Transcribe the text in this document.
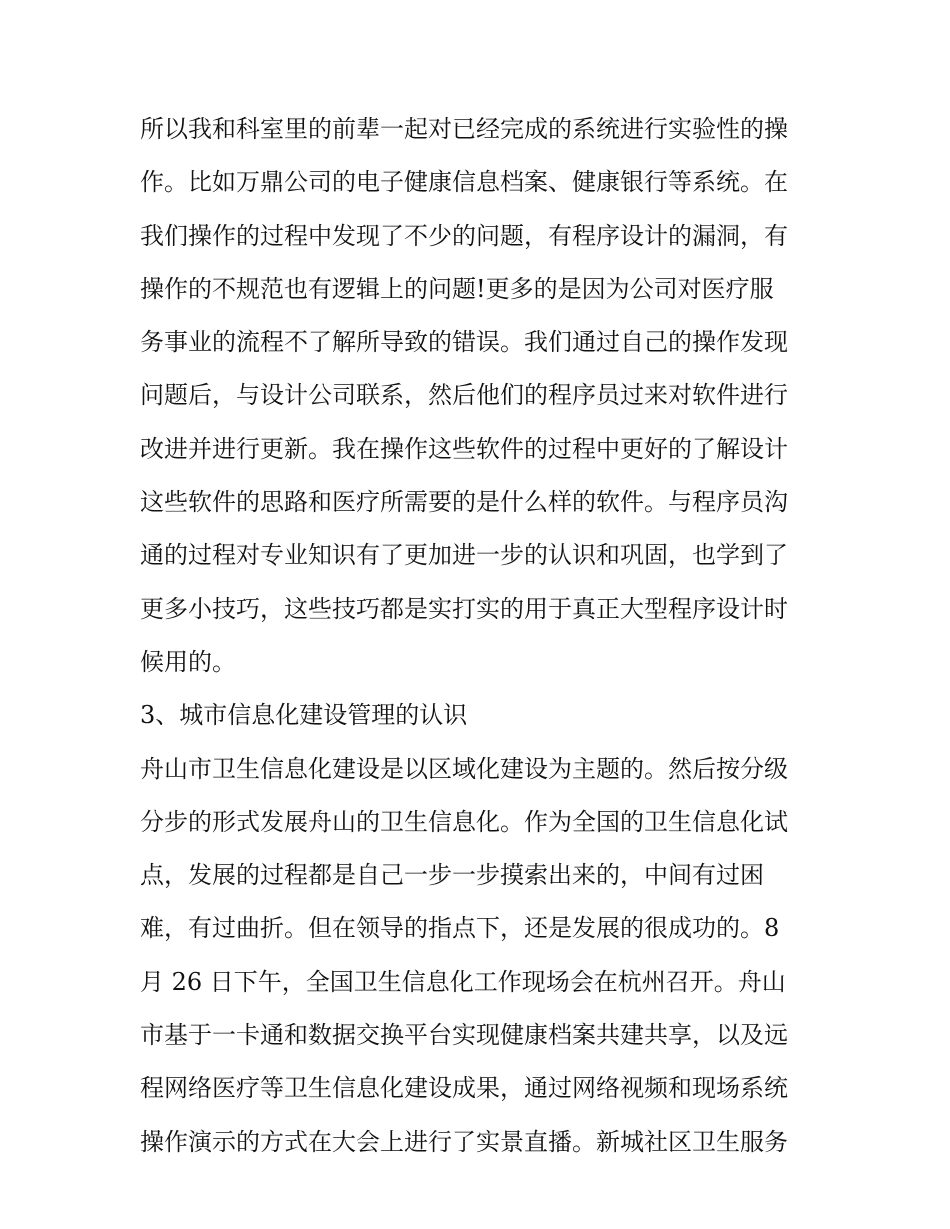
所以我和科室里的前辈一起对已经完成的系统进行实验性的操
作。比如万鼎公司的电子健康信息档案、健康银行等系统。在
我们操作的过程中发现了不少的问题，有程序设计的漏洞，有
操作的不规范也有逻辑上的问题!更多的是因为公司对医疗服
务事业的流程不了解所导致的错误。我们通过自己的操作发现
问题后，与设计公司联系，然后他们的程序员过来对软件进行
改进并进行更新。我在操作这些软件的过程中更好的了解设计
这些软件的思路和医疗所需要的是什么样的软件。与程序员沟
通的过程对专业知识有了更加进一步的认识和巩固，也学到了
更多小技巧，这些技巧都是实打实的用于真正大型程序设计时
候用的。
3、城市信息化建设管理的认识
舟山市卫生信息化建设是以区域化建设为主题的。然后按分级
分步的形式发展舟山的卫生信息化。作为全国的卫生信息化试
点，发展的过程都是自己一步一步摸索出来的，中间有过困
难，有过曲折。但在领导的指点下，还是发展的很成功的。8
月 26 日下午，全国卫生信息化工作现场会在杭州召开。舟山
市基于一卡通和数据交换平台实现健康档案共建共享，以及远
程网络医疗等卫生信息化建设成果，通过网络视频和现场系统
操作演示的方式在大会上进行了实景直播。新城社区卫生服务
